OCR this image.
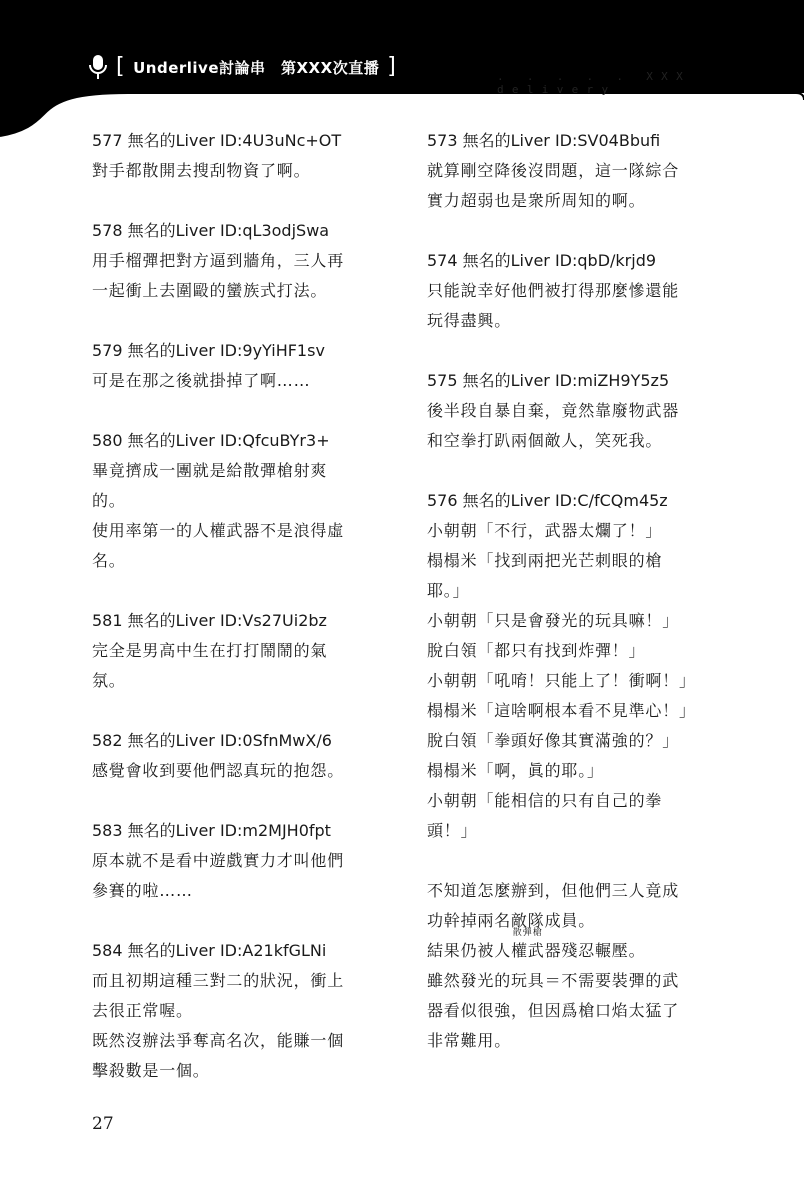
[ Underlive討論串　第XXX次直播 ]	. . . . . XXX delivery
577 無名的Liver ID:4U3uNc+OT

對手都散開去搜刮物資了啊。

578 無名的Liver ID:qL3odjSwa

用手榴彈把對方逼到牆角，三人再

一起衝上去圍毆的蠻族式打法。

579 無名的Liver ID:9yYiHF1sv

可是在那之後就掛掉了啊……

580 無名的Liver ID:QfcuBYr3+

畢竟擠成一團就是給散彈槍射爽

的。

使用率第一的人權武器不是浪得虛

名。

581 無名的Liver ID:Vs27Ui2bz

完全是男高中生在打打鬧鬧的氣

氛。

582 無名的Liver ID:0SfnMwX/6

感覺會收到要他們認真玩的抱怨。

583 無名的Liver ID:m2MJH0fpt

原本就不是看中遊戲實力才叫他們

參賽的啦……

584 無名的Liver ID:A21kfGLNi

而且初期這種三對二的狀況，衝上

去很正常喔。

既然沒辦法爭奪高名次，能賺一個

擊殺數是一個。

573 無名的Liver ID:SV04Bbufi

就算剛空降後沒問題，這一隊綜合

實力超弱也是衆所周知的啊。

574 無名的Liver ID:qbD/krjd9

只能說幸好他們被打得那麼慘還能

玩得盡興。

575 無名的Liver ID:miZH9Y5z5

後半段自暴自棄，竟然靠廢物武器

和空拳打趴兩個敵人，笑死我。

576 無名的Liver ID:C/fCQm45z

小朝朝「不行，武器太爛了！」

榻榻米「找到兩把光芒刺眼的槍

耶。」

小朝朝「只是會發光的玩具嘛！」

脫白領「都只有找到炸彈！」

小朝朝「吼唷！只能上了！衝啊！」

榻榻米「這啥啊根本看不見準心！」

脫白領「拳頭好像其實滿強的？」

榻榻米「啊，眞的耶。」

小朝朝「能相信的只有自己的拳

頭！」

不知道怎麼辦到，但他們三人竟成

功幹掉兩名敵隊成員。

結果仍被
散彈槍
人權武器殘忍輾壓。

雖然發光的玩具＝不需要裝彈的武

器看似很強，但因爲槍口焰太猛了

非常難用。

27
